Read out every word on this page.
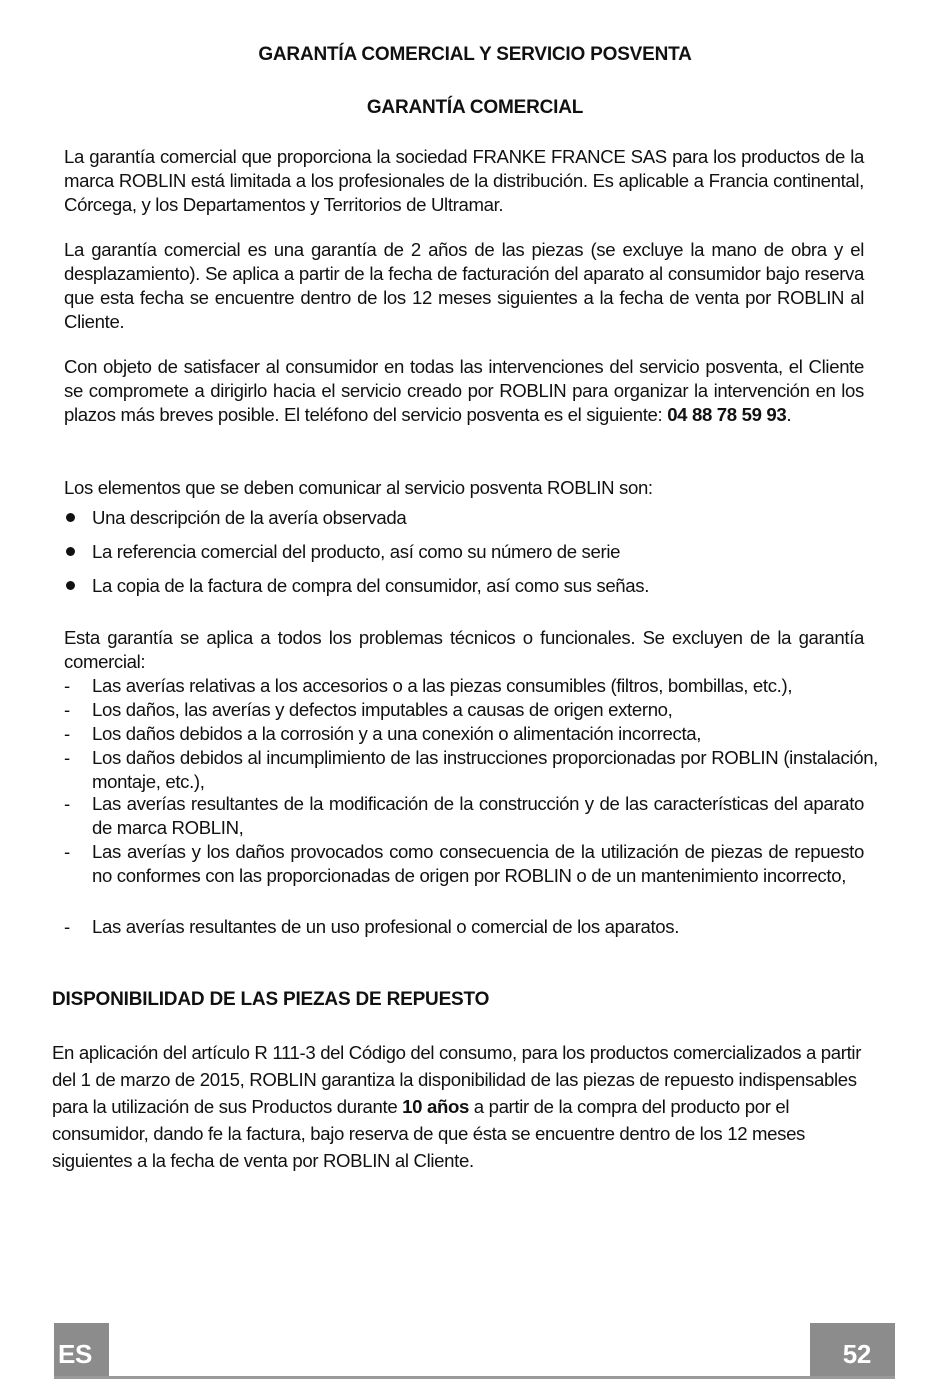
GARANTÍA COMERCIAL Y SERVICIO POSVENTA
GARANTÍA COMERCIAL

La garantía comercial que proporciona la sociedad FRANKE FRANCE SAS para los productos de la marca ROBLIN está limitada a los profesionales de la distribución. Es aplicable a Francia continental, Córcega, y los Departamentos y Territorios de Ultramar.

La garantía comercial es una garantía de 2 años de las piezas (se excluye la mano de obra y el desplazamiento). Se aplica a partir de la fecha de facturación del aparato al consumidor bajo reserva que esta fecha se encuentre dentro de los 12 meses siguientes a la fecha de venta por ROBLIN al Cliente.

Con objeto de satisfacer al consumidor en todas las intervenciones del servicio posventa, el Cliente se compromete a dirigirlo hacia el servicio creado por ROBLIN para organizar la intervención en los plazos más breves posible. El teléfono del servicio posventa es el siguiente: 04 88 78 59 93.

Los elementos que se deben comunicar al servicio posventa ROBLIN son:
Una descripción de la avería observada
La referencia comercial del producto, así como su número de serie
La copia de la factura de compra del consumidor, así como sus señas.

Esta garantía se aplica a todos los problemas técnicos o funcionales. Se excluyen de la garantía comercial:

- Las averías relativas a los accesorios o a las piezas consumibles (filtros, bombillas, etc.),
- Los daños, las averías y defectos imputables a causas de origen externo,
- Los daños debidos a la corrosión y a una conexión o alimentación incorrecta,
- Los daños debidos al incumplimiento de las instrucciones proporcionadas por ROBLIN (instalación, montaje, etc.),
- Las averías resultantes de la modificación de la construcción y de las características del aparato de marca ROBLIN,
- Las averías y los daños provocados como consecuencia de la utilización de piezas de repuesto no conformes con las proporcionadas de origen por ROBLIN o de un mantenimiento incorrecto,
- Las averías resultantes de un uso profesional o comercial de los aparatos.
DISPONIBILIDAD DE LAS PIEZAS DE REPUESTO

En aplicación del artículo R 111-3 del Código del consumo, para los productos comercializados a partir del 1 de marzo de 2015, ROBLIN garantiza la disponibilidad de las piezas de repuesto indispensables para la utilización de sus Productos durante 10 años a partir de la compra del producto por el consumidor, dando fe la factura, bajo reserva de que ésta se encuentre dentro de los 12 meses siguientes a la fecha de venta por ROBLIN al Cliente.

ES	52
